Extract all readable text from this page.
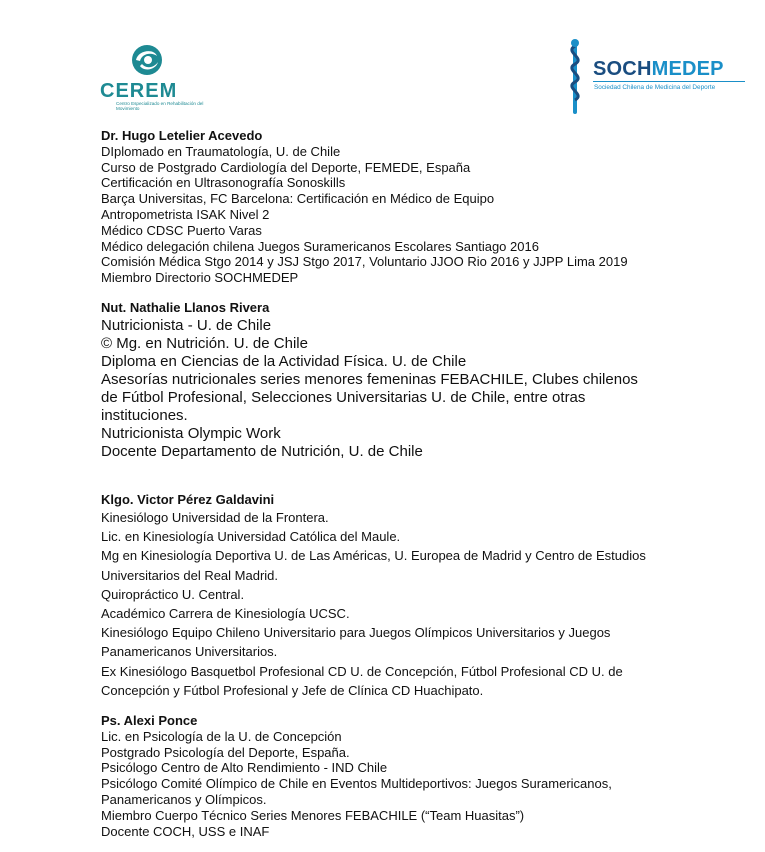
CEREM
Centro Especializado en Rehabilitación del Movimiento
SOCHMEDEP
Sociedad Chilena de Medicina del Deporte
Dr. Hugo Letelier Acevedo
DIplomado en Traumatología, U. de Chile
Curso de Postgrado Cardiología del Deporte, FEMEDE, España
Certificación en Ultrasonografía Sonoskills
Barça Universitas, FC Barcelona: Certificación en Médico de Equipo
Antropometrista ISAK Nivel 2
Médico CDSC Puerto Varas
Médico delegación chilena Juegos Suramericanos Escolares Santiago 2016
Comisión Médica Stgo 2014 y JSJ Stgo 2017, Voluntario JJOO Rio 2016 y JJPP Lima 2019
Miembro Directorio SOCHMEDEP
Nut. Nathalie Llanos Rivera
Nutricionista - U. de Chile
© Mg. en Nutrición. U. de Chile
Diploma en Ciencias de la Actividad Física. U. de Chile
Asesorías nutricionales series menores femeninas FEBACHILE, Clubes chilenos
de Fútbol Profesional, Selecciones Universitarias U. de Chile, entre otras
instituciones.
Nutricionista Olympic Work
Docente Departamento de Nutrición, U. de Chile
Klgo. Victor Pérez Galdavini
Kinesiólogo Universidad de la Frontera.
Lic. en Kinesiología Universidad Católica del Maule.
Mg en Kinesiología Deportiva U. de Las Américas, U. Europea de Madrid y Centro de Estudios
Universitarios del Real Madrid.
Quiropráctico U. Central.
Académico Carrera de Kinesiología UCSC.
Kinesiólogo Equipo Chileno Universitario para Juegos Olímpicos Universitarios y Juegos
Panamericanos Universitarios.
Ex Kinesiólogo Basquetbol Profesional CD U. de Concepción, Fútbol Profesional CD U. de
Concepción y Fútbol Profesional y Jefe de Clínica CD Huachipato.
Ps. Alexi Ponce
Lic. en Psicología de la U. de Concepción
Postgrado Psicología del Deporte, España.
Psicólogo Centro de Alto Rendimiento - IND Chile
Psicólogo Comité Olímpico de Chile en Eventos Multideportivos: Juegos Suramericanos,
Panamericanos y Olímpicos.
Miembro Cuerpo Técnico Series Menores FEBACHILE (“Team Huasitas”)
Docente COCH, USS e INAF
